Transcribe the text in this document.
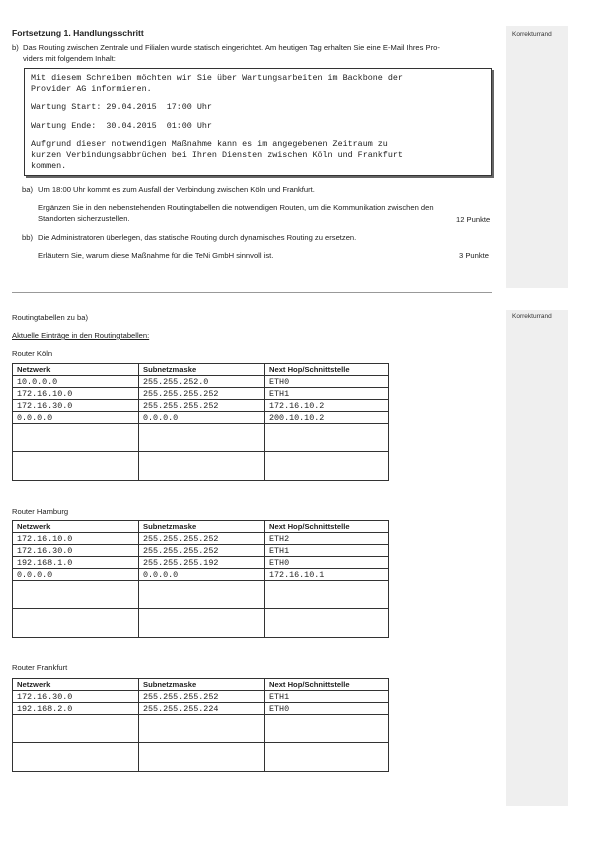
Korrekturrand
Korrekturrand
Fortsetzung 1. Handlungsschritt
b) Das Routing zwischen Zentrale und Filialen wurde statisch eingerichtet. Am heutigen Tag erhalten Sie eine E-Mail Ihres Pro-
viders mit folgendem Inhalt:
Mit diesem Schreiben möchten wir Sie über Wartungsarbeiten im Backbone der
Provider AG informieren.
Wartung Start: 29.04.2015  17:00 Uhr
Wartung Ende:  30.04.2015  01:00 Uhr
Aufgrund dieser notwendigen Maßnahme kann es im angegebenen Zeitraum zu
kurzen Verbindungsabbrüchen bei Ihren Diensten zwischen Köln und Frankfurt
kommen.
ba) Um 18:00 Uhr kommt es zum Ausfall der Verbindung zwischen Köln und Frankfurt.
Ergänzen Sie in den nebenstehenden Routingtabellen die notwendigen Routen, um die Kommunikation zwischen den
Standorten sicherzustellen.	12 Punkte
bb) Die Administratoren überlegen, das statische Routing durch dynamisches Routing zu ersetzen.
Erläutern Sie, warum diese Maßnahme für die TeNi GmbH sinnvoll ist.	3 Punkte
Routingtabellen zu ba)
Aktuelle Einträge in den Routingtabellen:
Router Köln
Netzwerk	Subnetzmaske	Next Hop/Schnittstelle
10.0.0.0	255.255.252.0	ETH0
172.16.10.0	255.255.255.252	ETH1
172.16.30.0	255.255.255.252	172.16.10.2
0.0.0.0	0.0.0.0	200.10.10.2

Router Hamburg
Netzwerk	Subnetzmaske	Next Hop/Schnittstelle
172.16.10.0	255.255.255.252	ETH2
172.16.30.0	255.255.255.252	ETH1
192.168.1.0	255.255.255.192	ETH0
0.0.0.0	0.0.0.0	172.16.10.1

Router Frankfurt
Netzwerk	Subnetzmaske	Next Hop/Schnittstelle
172.16.30.0	255.255.255.252	ETH1
192.168.2.0	255.255.255.224	ETH0
